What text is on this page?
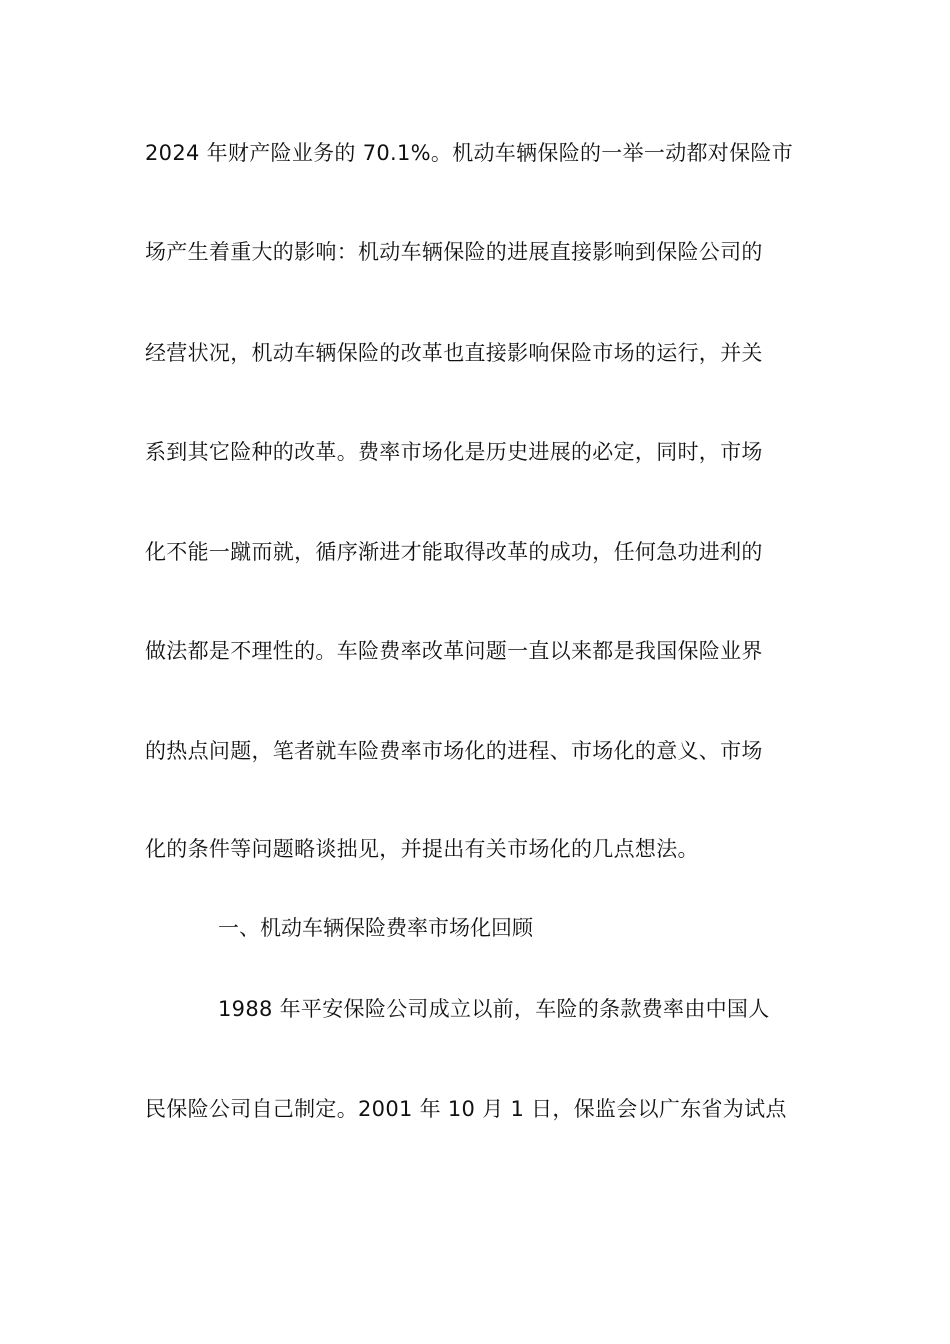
2024 年财产险业务的 70.1%。机动车辆保险的一举一动都对保险市
场产生着重大的影响：机动车辆保险的进展直接影响到保险公司的
经营状况，机动车辆保险的改革也直接影响保险市场的运行，并关
系到其它险种的改革。费率市场化是历史进展的必定，同时，市场
化不能一蹴而就，循序渐进才能取得改革的成功，任何急功进利的
做法都是不理性的。车险费率改革问题一直以来都是我国保险业界
的热点问题，笔者就车险费率市场化的进程、市场化的意义、市场
化的条件等问题略谈拙见，并提出有关市场化的几点想法。
一、机动车辆保险费率市场化回顾
1988 年平安保险公司成立以前，车险的条款费率由中国人
民保险公司自己制定。2001 年 10 月 1 日，保监会以广东省为试点
